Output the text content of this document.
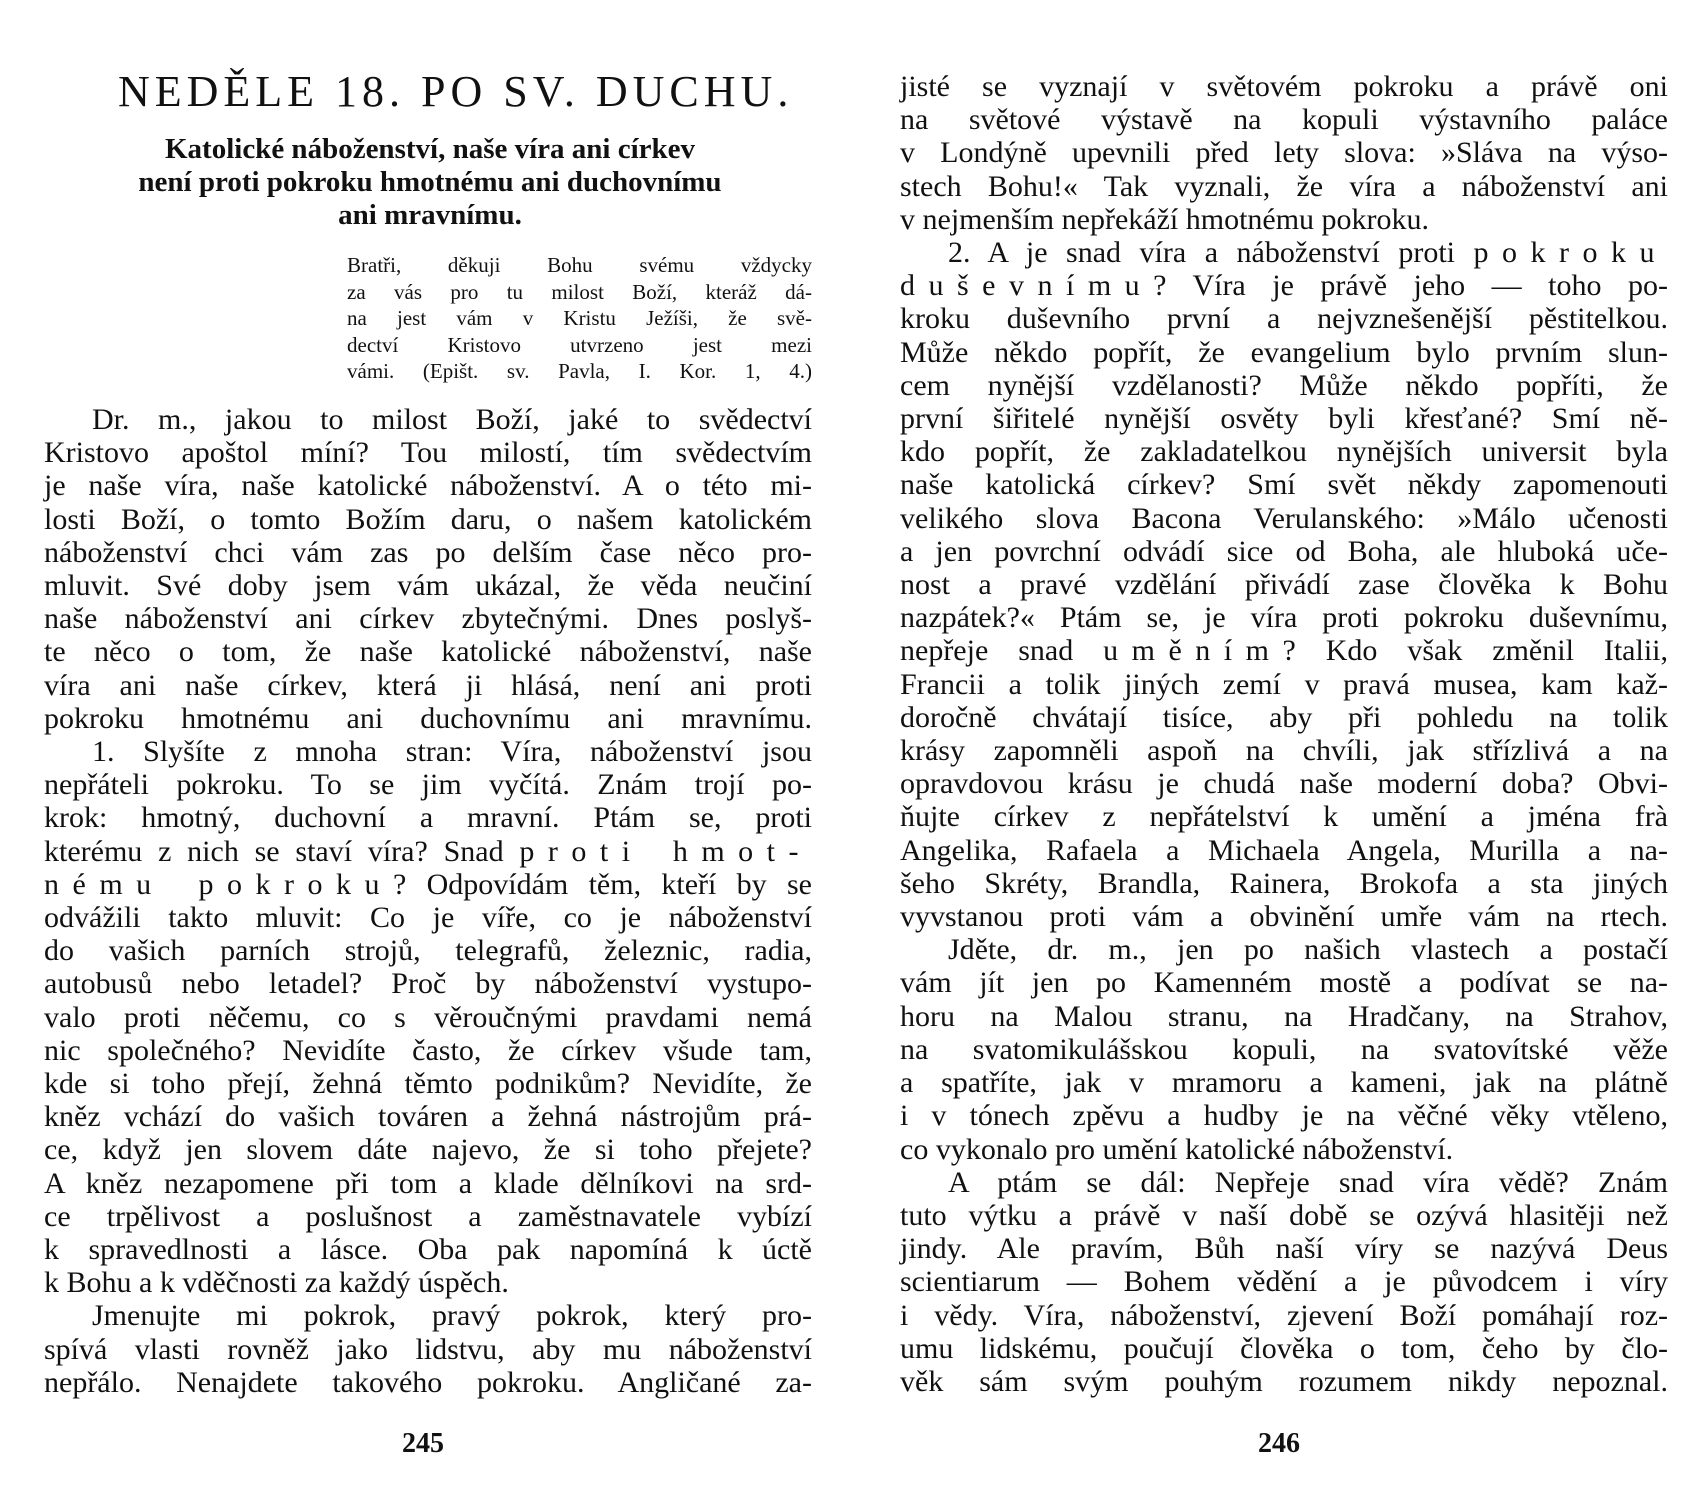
NEDĚLE 18. PO SV. DUCHU.
Katolické náboženství, naše víra ani církev
není proti pokroku hmotnému ani duchovnímu
ani mravnímu.
Bratři, děkuji Bohu svému vždycky
za vás pro tu milost Boží, kteráž dá-
na jest vám v Kristu Ježíši, že svě-
dectví Kristovo utvrzeno jest mezi
vámi. (Epišt. sv. Pavla, I. Kor. 1, 4.)
Dr. m., jakou to milost Boží, jaké to svědectví
Kristovo apoštol míní? Tou milostí, tím svědectvím
je naše víra, naše katolické náboženství. A o této mi-
losti Boží, o tomto Božím daru, o našem katolickém
náboženství chci vám zas po delším čase něco pro-
mluvit. Své doby jsem vám ukázal, že věda neučiní
naše náboženství ani církev zbytečnými. Dnes poslyš-
te něco o tom, že naše katolické náboženství, naše
víra ani naše církev, která ji hlásá, není ani proti
pokroku hmotnému ani duchovnímu ani mravnímu.
1. Slyšíte z mnoha stran: Víra, náboženství jsou
nepřáteli pokroku. To se jim vyčítá. Znám trojí po-
krok: hmotný, duchovní a mravní. Ptám se, proti
kterému z nich se staví víra? Snad proti hmot-
nému pokroku? Odpovídám těm, kteří by se
odvážili takto mluvit: Co je víře, co je náboženství
do vašich parních strojů, telegrafů, železnic, radia,
autobusů nebo letadel? Proč by náboženství vystupo-
valo proti něčemu, co s věroučnými pravdami nemá
nic společného? Nevidíte často, že církev všude tam,
kde si toho přejí, žehná těmto podnikům? Nevidíte, že
kněz vchází do vašich továren a žehná nástrojům prá-
ce, když jen slovem dáte najevo, že si toho přejete?
A kněz nezapomene při tom a klade dělníkovi na srd-
ce trpělivost a poslušnost a zaměstnavatele vybízí
k spravedlnosti a lásce. Oba pak napomíná k úctě
k Bohu a k vděčnosti za každý úspěch.
Jmenujte mi pokrok, pravý pokrok, který pro-
spívá vlasti rovněž jako lidstvu, aby mu náboženství
nepřálo. Nenajdete takového pokroku. Angličané za-
245
jisté se vyznají v světovém pokroku a právě oni
na světové výstavě na kopuli výstavního paláce
v Londýně upevnili před lety slova: »Sláva na výso-
stech Bohu!« Tak vyznali, že víra a náboženství ani
v nejmenším nepřekáží hmotnému pokroku.
2. A je snad víra a náboženství proti pokroku
duševnímu? Víra je právě jeho — toho po-
kroku duševního první a nejvznešenější pěstitelkou.
Může někdo popřít, že evangelium bylo prvním slun-
cem nynější vzdělanosti? Může někdo popříti, že
první šiřitelé nynější osvěty byli křesťané? Smí ně-
kdo popřít, že zakladatelkou nynějších universit byla
naše katolická církev? Smí svět někdy zapomenouti
velikého slova Bacona Verulanského: »Málo učenosti
a jen povrchní odvádí sice od Boha, ale hluboká uče-
nost a pravé vzdělání přivádí zase člověka k Bohu
nazpátek?« Ptám se, je víra proti pokroku duševnímu,
nepřeje snad uměním? Kdo však změnil Italii,
Francii a tolik jiných zemí v pravá musea, kam kaž-
doročně chvátají tisíce, aby při pohledu na tolik
krásy zapomněli aspoň na chvíli, jak střízlivá a na
opravdovou krásu je chudá naše moderní doba? Obvi-
ňujte církev z nepřátelství k umění a jména frà
Angelika, Rafaela a Michaela Angela, Murilla a na-
šeho Skréty, Brandla, Rainera, Brokofa a sta jiných
vyvstanou proti vám a obvinění umře vám na rtech.
Jděte, dr. m., jen po našich vlastech a postačí
vám jít jen po Kamenném mostě a podívat se na-
horu na Malou stranu, na Hradčany, na Strahov,
na svatomikulášskou kopuli, na svatovítské věže
a spatříte, jak v mramoru a kameni, jak na plátně
i v tónech zpěvu a hudby je na věčné věky vtěleno,
co vykonalo pro umění katolické náboženství.
A ptám se dál: Nepřeje snad víra vědě? Znám
tuto výtku a právě v naší době se ozývá hlasitěji než
jindy. Ale pravím, Bůh naší víry se nazývá Deus
scientiarum — Bohem vědění a je původcem i víry
i vědy. Víra, náboženství, zjevení Boží pomáhají roz-
umu lidskému, poučují člověka o tom, čeho by člo-
věk sám svým pouhým rozumem nikdy nepoznal.
246
